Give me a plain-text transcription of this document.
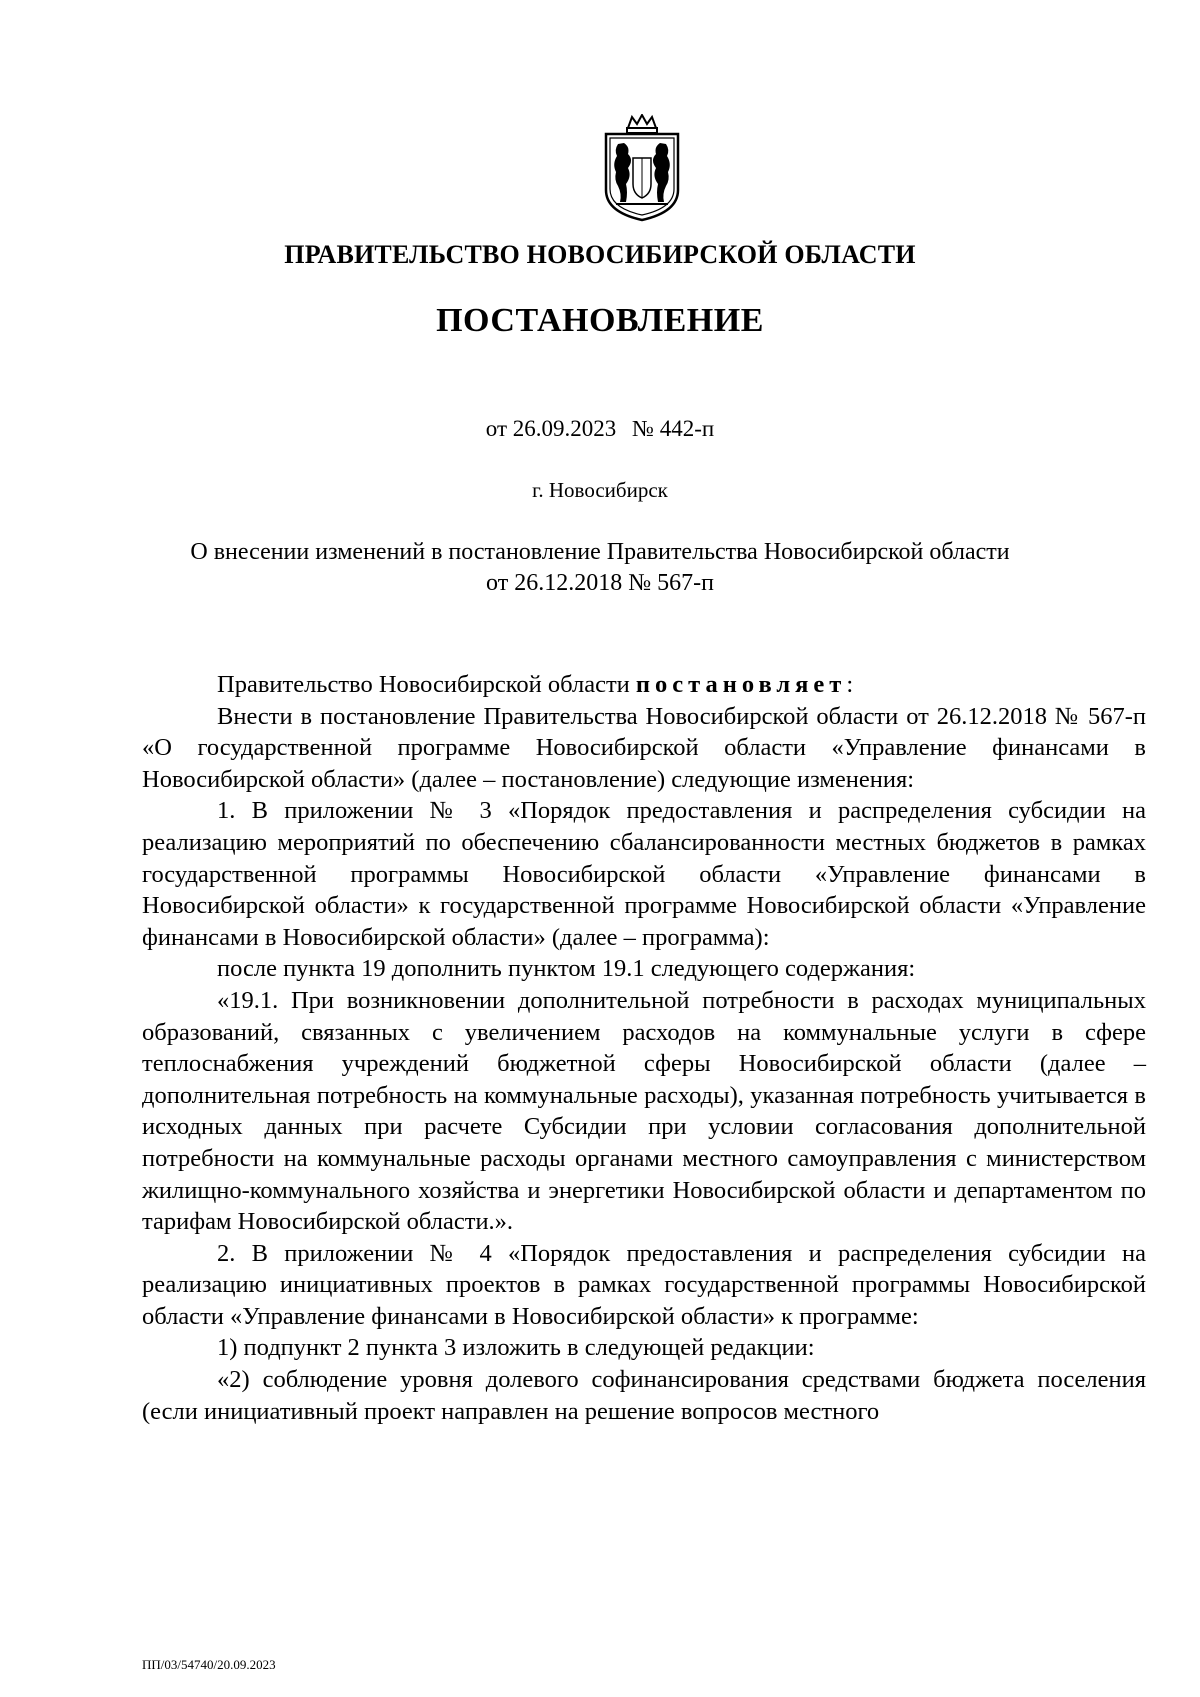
ПРАВИТЕЛЬСТВО НОВОСИБИРСКОЙ ОБЛАСТИ
ПОСТАНОВЛЕНИЕ
от 26.09.2023 № 442-п
г. Новосибирск
О внесении изменений в постановление Правительства Новосибирской области
от 26.12.2018 № 567-п

Правительство Новосибирской области постановляет:

Внести в постановление Правительства Новосибирской области от 26.12.2018 № 567-п «О государственной программе Новосибирской области «Управление финансами в Новосибирской области» (далее – постановление) следующие изменения:

1. В приложении № 3 «Порядок предоставления и распределения субсидии на реализацию мероприятий по обеспечению сбалансированности местных бюджетов в рамках государственной программы Новосибирской области «Управление финансами в Новосибирской области» к государственной программе Новосибирской области «Управление финансами в Новосибирской области» (далее – программа):

после пункта 19 дополнить пунктом 19.1 следующего содержания:

«19.1. При возникновении дополнительной потребности в расходах муниципальных образований, связанных с увеличением расходов на коммунальные услуги в сфере теплоснабжения учреждений бюджетной сферы Новосибирской области (далее – дополнительная потребность на коммунальные расходы), указанная потребность учитывается в исходных данных при расчете Субсидии при условии согласования дополнительной потребности на коммунальные расходы органами местного самоуправления с министерством жилищно-коммунального хозяйства и энергетики Новосибирской области и департаментом по тарифам Новосибирской области.».

2. В приложении № 4 «Порядок предоставления и распределения субсидии на реализацию инициативных проектов в рамках государственной программы Новосибирской области «Управление финансами в Новосибирской области» к программе:

1) подпункт 2 пункта 3 изложить в следующей редакции:

«2) соблюдение уровня долевого софинансирования средствами бюджета поселения (если инициативный проект направлен на решение вопросов местного

ПП/03/54740/20.09.2023
